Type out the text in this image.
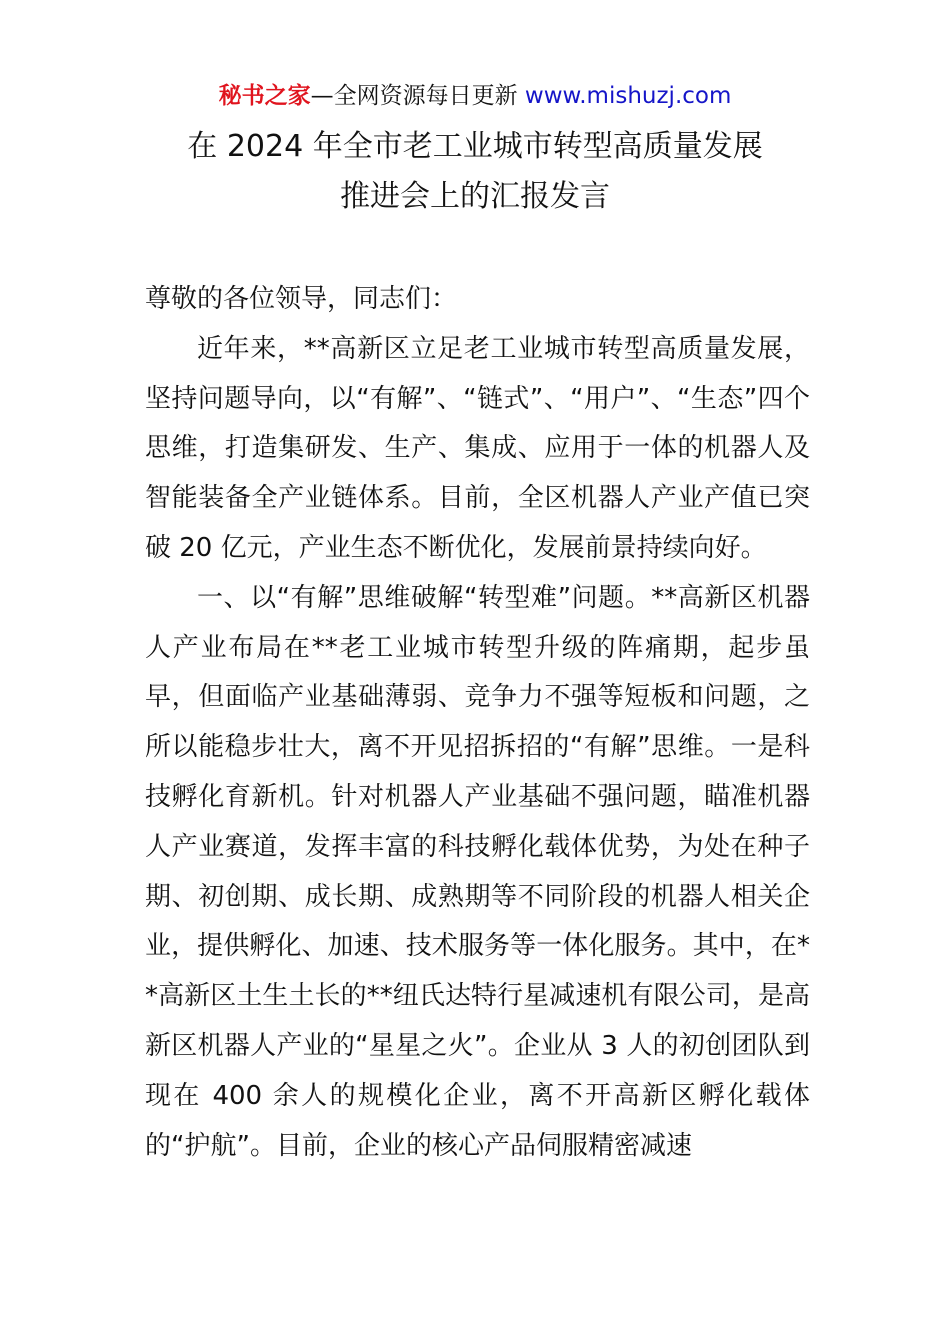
秘书之家—全网资源每日更新 www.mishuzj.com
在 2024 年全市老工业城市转型高质量发展
推进会上的汇报发言

尊敬的各位领导，同志们：

近年来，**高新区立足老工业城市转型高质量发展，坚持问题导向，以“有解”、“链式”、“用户”、“生态”四个思维，打造集研发、生产、集成、应用于一体的机器人及智能装备全产业链体系。目前，全区机器人产业产值已突破 20 亿元，产业生态不断优化，发展前景持续向好。

一、以“有解”思维破解“转型难”问题。**高新区机器人产业布局在**老工业城市转型升级的阵痛期，起步虽早，但面临产业基础薄弱、竞争力不强等短板和问题，之所以能稳步壮大，离不开见招拆招的“有解”思维。一是科技孵化育新机。针对机器人产业基础不强问题，瞄准机器人产业赛道，发挥丰富的科技孵化载体优势，为处在种子期、初创期、成长期、成熟期等不同阶段的机器人相关企业，提供孵化、加速、技术服务等一体化服务。其中，在**高新区土生土长的**纽氏达特行星减速机有限公司，是高新区机器人产业的“星星之火”。企业从 3 人的初创团队到现在 400 余人的规模化企业，离不开高新区孵化载体的“护航”。目前，企业的核心产品伺服精密减速
